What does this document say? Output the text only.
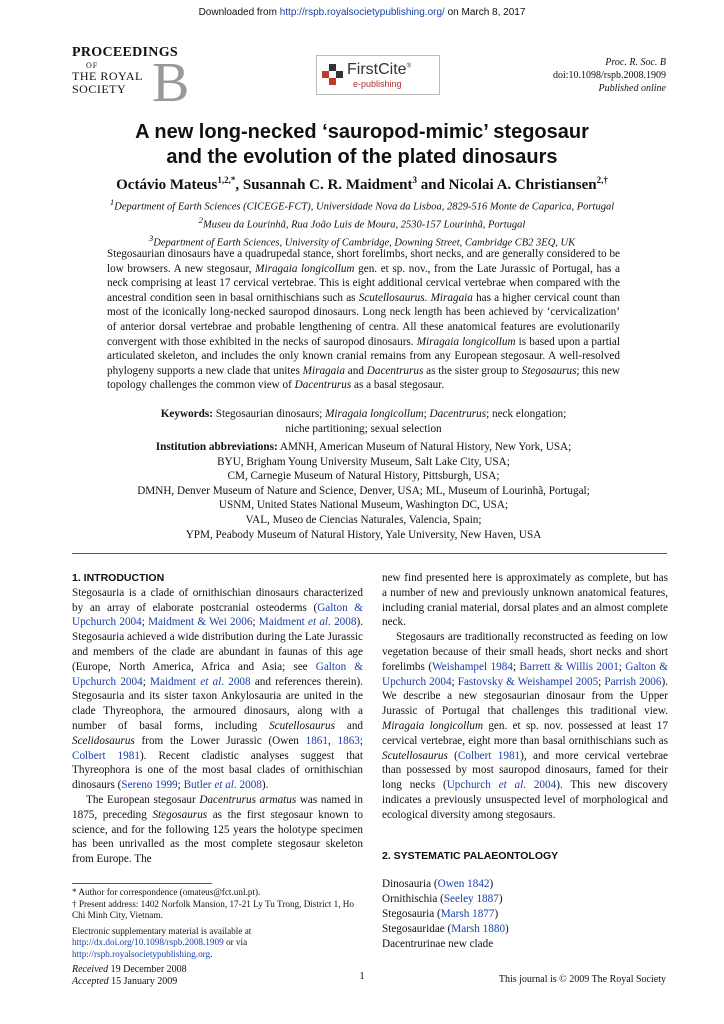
Downloaded from http://rspb.royalsocietypublishing.org/ on March 8, 2017
PROCEEDINGS
OF
THE ROYAL
SOCIETY B	FirstCite®
e-publishing
Proc. R. Soc. B
doi:10.1098/rspb.2008.1909
Published online
A new long-necked ‘sauropod-mimic’ stegosaur
and the evolution of the plated dinosaurs
Octávio Mateus$^{1,2,*}$, Susannah C. R. Maidment$^3$ and Nicolai A. Christiansen$^{2,\dagger}$
$^1$Department of Earth Sciences (CICEGE-FCT), Universidade Nova da Lisboa, 2829-516 Monte de Caparica, Portugal
$^2$Museu da Lourinhã, Rua João Luis de Moura, 2530-157 Lourinhã, Portugal
$^3$Department of Earth Sciences, University of Cambridge, Downing Street, Cambridge CB2 3EQ, UK
Stegosaurian dinosaurs have a quadrupedal stance, short forelimbs, short necks, and are generally considered to be low browsers. A new stegosaur, Miragaia longicollum gen. et sp. nov., from the Late Jurassic of Portugal, has a neck comprising at least 17 cervical vertebrae. This is eight additional cervical vertebrae when compared with the ancestral condition seen in basal ornithischians such as Scutellosaurus. Miragaia has a higher cervical count than most of the iconically long-necked sauropod dinosaurs. Long neck length has been achieved by ‘cervicalization’ of anterior dorsal vertebrae and probable lengthening of centra. All these anatomical features are evolutionarily convergent with those exhibited in the necks of sauropod dinosaurs. Miragaia longicollum is based upon a partial articulated skeleton, and includes the only known cranial remains from any European stegosaur. A well-resolved phylogeny supports a new clade that unites Miragaia and Dacentrurus as the sister group to Stegosaurus; this new topology challenges the common view of Dacentrurus as a basal stegosaur.
Keywords: Stegosaurian dinosaurs; Miragaia longicollum; Dacentrurus; neck elongation;
niche partitioning; sexual selection
Institution abbreviations: AMNH, American Museum of Natural History, New York, USA;
BYU, Brigham Young University Museum, Salt Lake City, USA;
CM, Carnegie Museum of Natural History, Pittsburgh, USA;
DMNH, Denver Museum of Nature and Science, Denver, USA; ML, Museum of Lourinhã, Portugal;
USNM, United States National Museum, Washington DC, USA;
VAL, Museo de Ciencias Naturales, Valencia, Spain;
YPM, Peabody Museum of Natural History, Yale University, New Haven, USA
1. INTRODUCTION
Stegosauria is a clade of ornithischian dinosaurs characterized by an array of elaborate postcranial osteoderms (Galton & Upchurch 2004; Maidment & Wei 2006; Maidment et al. 2008). Stegosauria achieved a wide distribution during the Late Jurassic and members of the clade are abundant in faunas of this age (Europe, North America, Africa and Asia; see Galton & Upchurch 2004; Maidment et al. 2008 and references therein). Stegosauria and its sister taxon Ankylosauria are united in the clade Thyreophora, the armoured dinosaurs, along with a number of basal forms, including Scutellosaurus and Scelidosaurus from the Lower Jurassic (Owen 1861, 1863; Colbert 1981). Recent cladistic analyses suggest that Thyreophora is one of the most basal clades of ornithischian dinosaurs (Sereno 1999; Butler et al. 2008).
The European stegosaur Dacentrurus armatus was named in 1875, preceding Stegosaurus as the first stegosaur known to science, and for the following 125 years the holotype specimen has been unrivalled as the most complete stegosaur skeleton from Europe. The
new find presented here is approximately as complete, but has a number of new and previously unknown anatomical features, including cranial material, dorsal plates and an almost complete neck.
Stegosaurs are traditionally reconstructed as feeding on low vegetation because of their small heads, short necks and short forelimbs (Weishampel 1984; Barrett & Willis 2001; Galton & Upchurch 2004; Fastovsky & Weishampel 2005; Parrish 2006). We describe a new stegosaurian dinosaur from the Upper Jurassic of Portugal that challenges this traditional view. Miragaia longicollum gen. et sp. nov. possessed at least 17 cervical vertebrae, eight more than basal ornithischians such as Scutellosaurus (Colbert 1981), and more cervical vertebrae than possessed by most sauropod dinosaurs, famed for their long necks (Upchurch et al. 2004). This new discovery indicates a previously unsuspected level of morphological and ecological diversity among stegosaurs.
2. SYSTEMATIC PALAEONTOLOGY
Dinosauria (Owen 1842)
Ornithischia (Seeley 1887)
Stegosauria (Marsh 1877)
Stegosauridae (Marsh 1880)
Dacentrurinae new clade
* Author for correspondence (omateus@fct.unl.pt).
† Present address: 1402 Norfolk Mansion, 17-21 Ly Tu Trong, District 1, Ho Chi Minh City, Vietnam.
Electronic supplementary material is available at http://dx.doi.org/10.1098/rspb.2008.1909 or via http://rspb.royalsocietypublishing.org.
Received 19 December 2008
Accepted 15 January 2009	1	This journal is © 2009 The Royal Society
